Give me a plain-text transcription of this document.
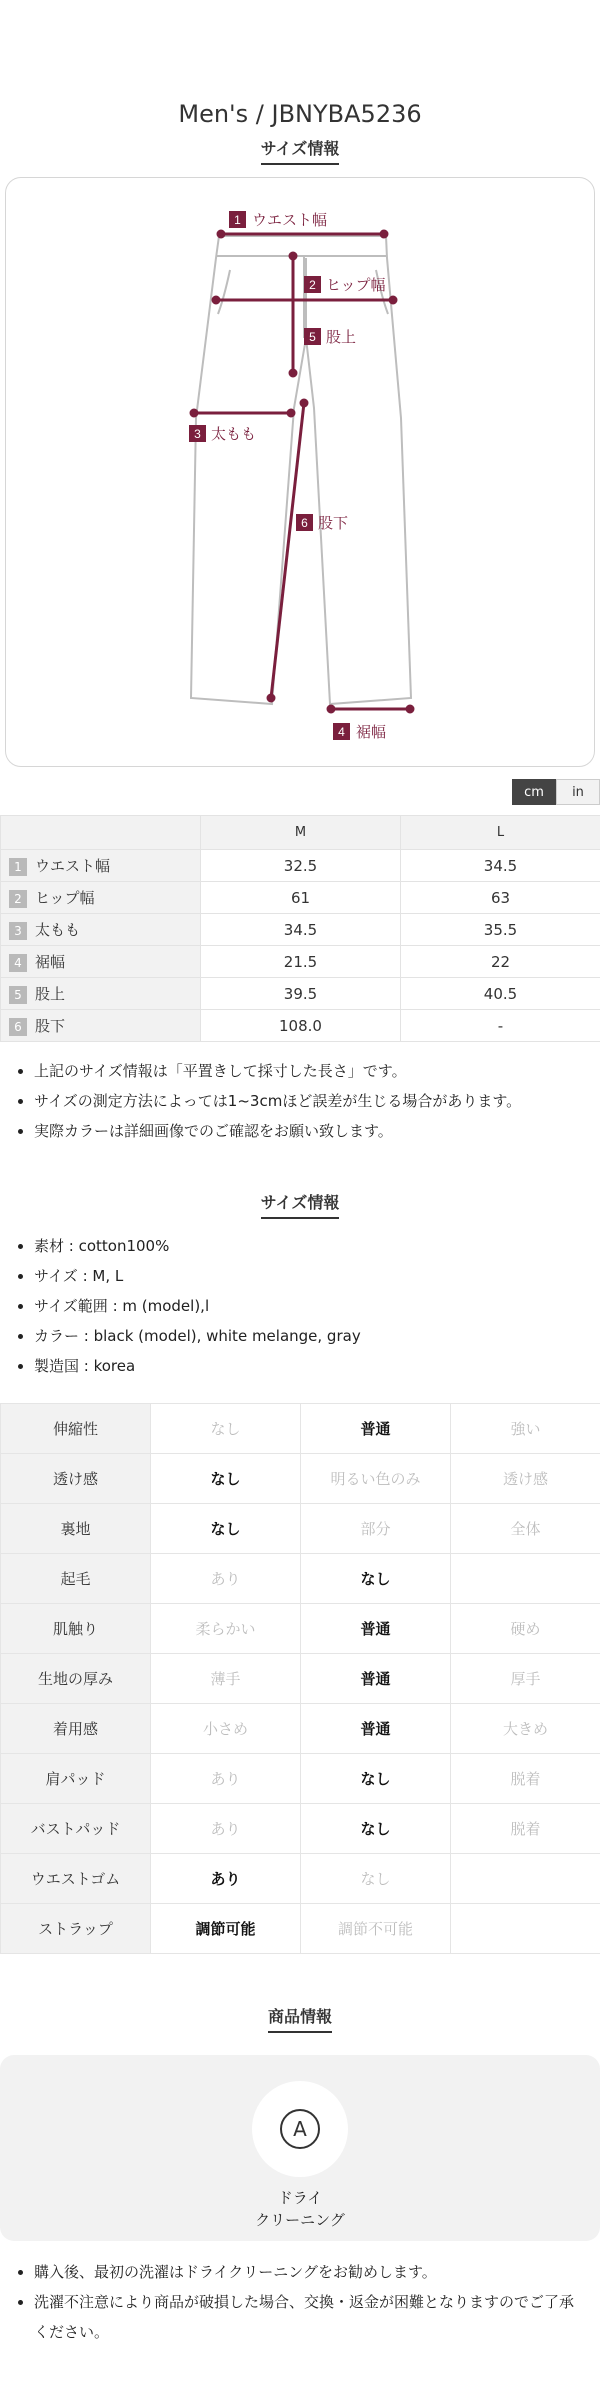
Men's / JBNYBA5236
サイズ情報
1 ウエスト幅
2 ヒップ幅
5 股上
3 太もも
6 股下
4 裾幅
cm	in
	M	L
1 ウエスト幅	32.5	34.5
2 ヒップ幅	61	63
3 太もも	34.5	35.5
4 裾幅	21.5	22
5 股上	39.5	40.5
6 股下	108.0	-
上記のサイズ情報は「平置きして採寸した長さ」です。
サイズの測定方法によっては1~3cmほど誤差が生じる場合があります。
実際カラーは詳細画像でのご確認をお願い致します。
サイズ情報
素材 : cotton100%
サイズ : M, L
サイズ範囲 : m (model),l
カラー : black (model), white melange, gray
製造国 : korea
伸縮性	なし	普通	強い
透け感	なし	明るい色のみ	透け感
裏地	なし	部分	全体
起毛	あり	なし	
肌触り	柔らかい	普通	硬め
生地の厚み	薄手	普通	厚手
着用感	小さめ	普通	大きめ
肩パッド	あり	なし	脱着
バストパッド	あり	なし	脱着
ウエストゴム	あり	なし	
ストラップ	調節可能	調節不可能	
商品情報
A
ドライ
クリーニング
購入後、最初の洗濯はドライクリーニングをお勧めします。
洗濯不注意により商品が破損した場合、交換・返金が困難となりますのでご了承ください。
